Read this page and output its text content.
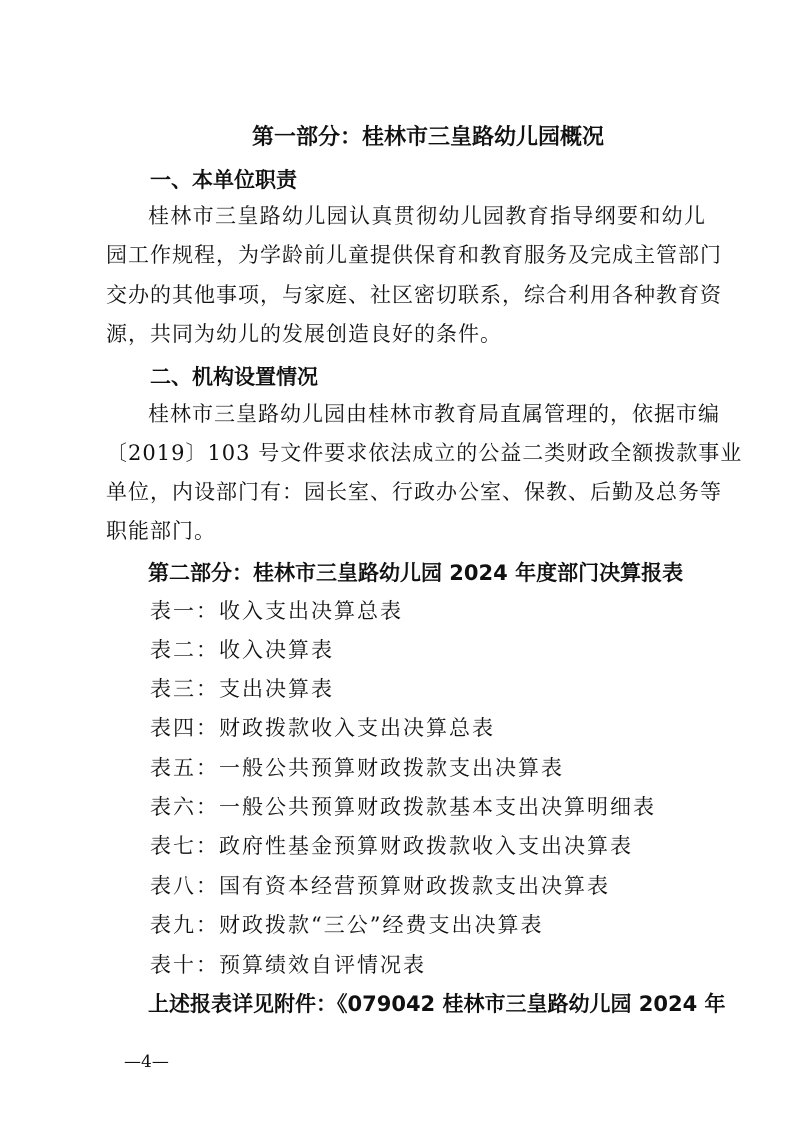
第一部分：桂林市三皇路幼儿园概况
一、本单位职责
桂林市三皇路幼儿园认真贯彻幼儿园教育指导纲要和幼儿
园工作规程，为学龄前儿童提供保育和教育服务及完成主管部门
交办的其他事项，与家庭、社区密切联系，综合利用各种教育资
源，共同为幼儿的发展创造良好的条件。
二、机构设置情况
桂林市三皇路幼儿园由桂林市教育局直属管理的，依据市编
〔2019〕103 号文件要求依法成立的公益二类财政全额拨款事业
单位，内设部门有：园长室、行政办公室、保教、后勤及总务等
职能部门。
第二部分：桂林市三皇路幼儿园 2024 年度部门决算报表
表一：收入支出决算总表
表二：收入决算表
表三：支出决算表
表四：财政拨款收入支出决算总表
表五：一般公共预算财政拨款支出决算表
表六：一般公共预算财政拨款基本支出决算明细表
表七：政府性基金预算财政拨款收入支出决算表
表八：国有资本经营预算财政拨款支出决算表
表九：财政拨款“三公”经费支出决算表
表十：预算绩效自评情况表
上述报表详见附件：《079042 桂林市三皇路幼儿园 2024 年
—4—
